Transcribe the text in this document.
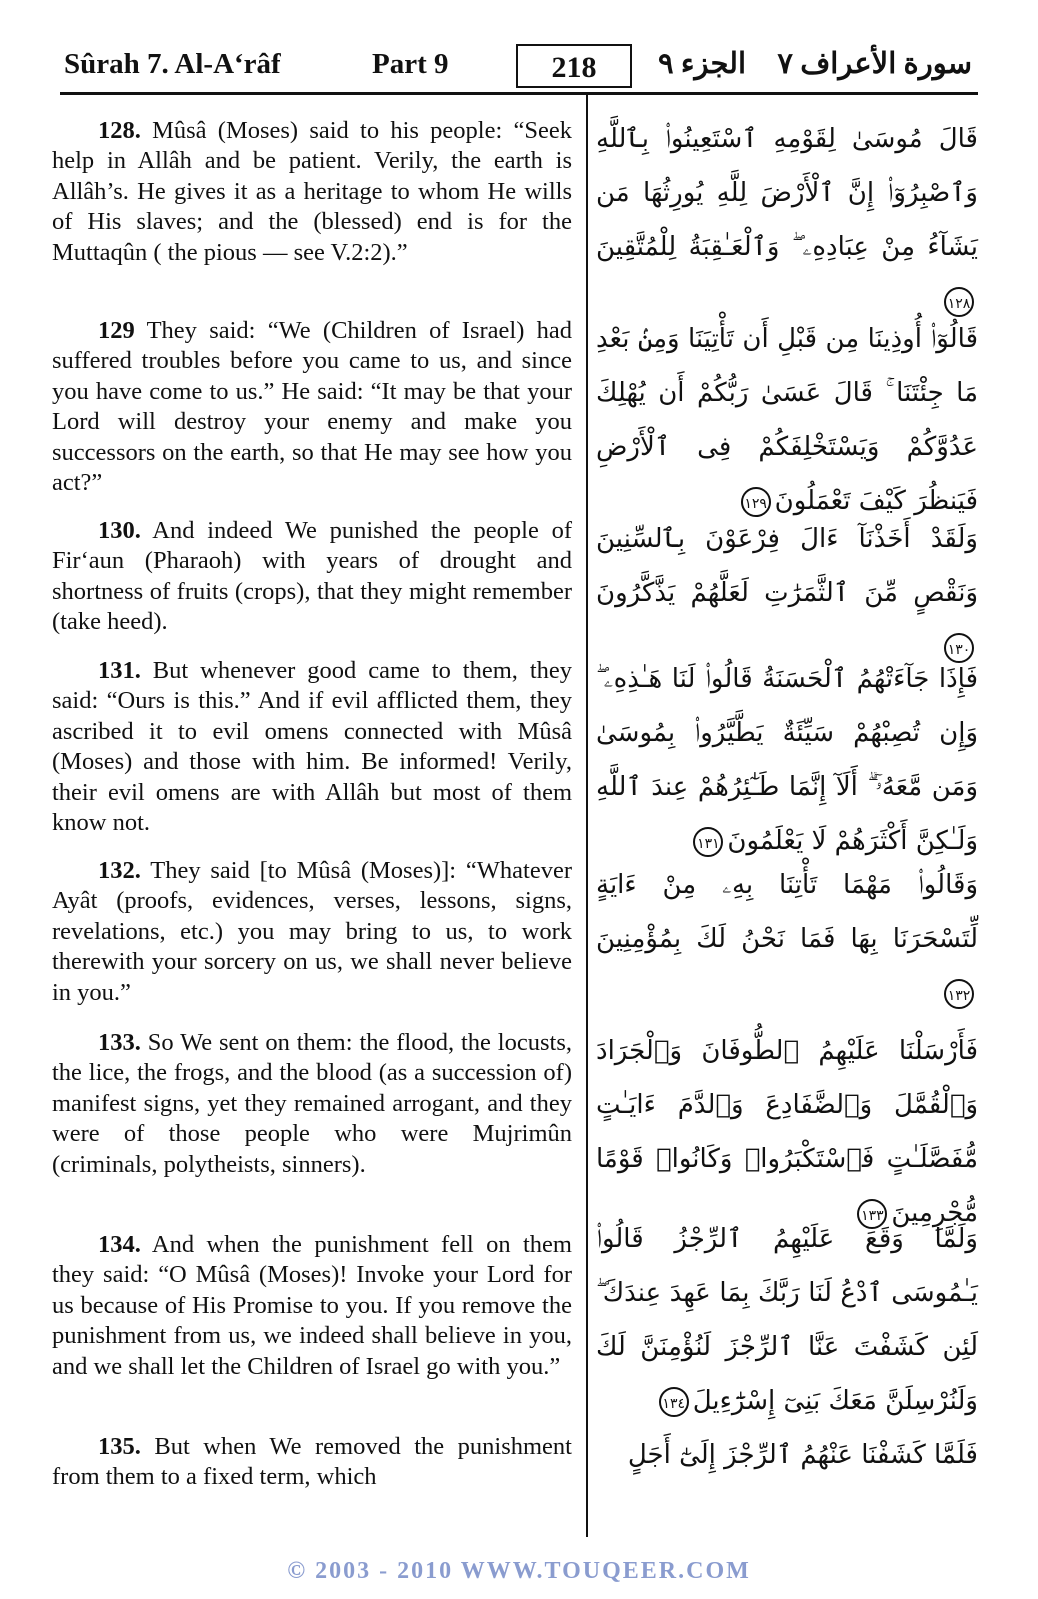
Sûrah 7. Al-A‘râf	Part 9	218	الجزء ٩ سورة الأعراف ٧
128. Mûsâ (Moses) said to his people: “Seek help in Allâh and be patient. Verily, the earth is Allâh’s. He gives it as a heritage to whom He wills of His slaves; and the (blessed) end is for the Muttaqûn ( the pious — see V.2:2).”
129 They said: “We (Children of Israel) had suffered troubles before you came to us, and since you have come to us.” He said: “It may be that your Lord will destroy your enemy and make you successors on the earth, so that He may see how you act?”
130. And indeed We punished the people of Fir‘aun (Pharaoh) with years of drought and shortness of fruits (crops), that they might remember (take heed).
131. But whenever good came to them, they said: “Ours is this.” And if evil afflicted them, they ascribed it to evil omens connected with Mûsâ (Moses) and those with him. Be informed! Verily, their evil omens are with Allâh but most of them know not.
132. They said [to Mûsâ (Moses)]: “Whatever Ayât (proofs, evidences, verses, lessons, signs, revelations, etc.) you may bring to us, to work therewith your sorcery on us, we shall never believe in you.”
133. So We sent on them: the flood, the locusts, the lice, the frogs, and the blood (as a succession of) manifest signs, yet they remained arrogant, and they were of those people who were Mujrimûn (criminals, polytheists, sinners).
134. And when the punishment fell on them they said: “O Mûsâ (Moses)! Invoke your Lord for us because of His Promise to you. If you remove the punishment from us, we indeed shall believe in you, and we shall let the Children of Israel go with you.”
135. But when We removed the punishment from them to a fixed term, which
قَالَ مُوسَىٰ لِقَوْمِهِ ٱسْتَعِينُوا۟ بِٱللَّهِ وَٱصْبِرُوٓا۟ إِنَّ ٱلْأَرْضَ لِلَّهِ يُورِثُهَا مَن يَشَآءُ مِنْ عِبَادِهِۦ ۖ وَٱلْعَـٰقِبَةُ لِلْمُتَّقِينَ١٢٨
قَالُوٓا۟ أُوذِينَا مِن قَبْلِ أَن تَأْتِيَنَا وَمِنۢ بَعْدِ مَا جِئْتَنَا ۚ قَالَ عَسَىٰ رَبُّكُمْ أَن يُهْلِكَ عَدُوَّكُمْ وَيَسْتَخْلِفَكُمْ فِى ٱلْأَرْضِ فَيَنظُرَ كَيْفَ تَعْمَلُونَ١٢٩
وَلَقَدْ أَخَذْنَآ ءَالَ فِرْعَوْنَ بِٱلسِّنِينَ وَنَقْصٍ مِّنَ ٱلثَّمَرَٰتِ لَعَلَّهُمْ يَذَّكَّرُونَ١٣٠
فَإِذَا جَآءَتْهُمُ ٱلْحَسَنَةُ قَالُوا۟ لَنَا هَـٰذِهِۦ ۖ وَإِن تُصِبْهُمْ سَيِّئَةٌ يَطَّيَّرُوا۟ بِمُوسَىٰ وَمَن مَّعَهُۥٓ ۗ أَلَآ إِنَّمَا طَـٰٓئِرُهُمْ عِندَ ٱللَّهِ وَلَـٰكِنَّ أَكْثَرَهُمْ لَا يَعْلَمُونَ١٣١
وَقَالُوا۟ مَهْمَا تَأْتِنَا بِهِۦ مِنْ ءَايَةٍ لِّتَسْحَرَنَا بِهَا فَمَا نَحْنُ لَكَ بِمُؤْمِنِينَ١٣٢
فَأَرْسَلْنَا عَلَيْهِمُ ٱلطُّوفَانَ وَٱلْجَرَادَ وَٱلْقُمَّلَ وَٱلضَّفَادِعَ وَٱلدَّمَ ءَايَـٰتٍ مُّفَصَّلَـٰتٍ فَٱسْتَكْبَرُوا۟ وَكَانُوا۟ قَوْمًا مُّجْرِمِينَ١٣٣
وَلَمَّا وَقَعَ عَلَيْهِمُ ٱلرِّجْزُ قَالُوا۟ يَـٰمُوسَى ٱدْعُ لَنَا رَبَّكَ بِمَا عَهِدَ عِندَكَ ۖ لَئِن كَشَفْتَ عَنَّا ٱلرِّجْزَ لَنُؤْمِنَنَّ لَكَ وَلَنُرْسِلَنَّ مَعَكَ بَنِىٓ إِسْرَٰٓءِيلَ١٣٤
فَلَمَّا كَشَفْنَا عَنْهُمُ ٱلرِّجْزَ إِلَىٰٓ أَجَلٍ
© 2003 - 2010 WWW.TOUQEER.COM
